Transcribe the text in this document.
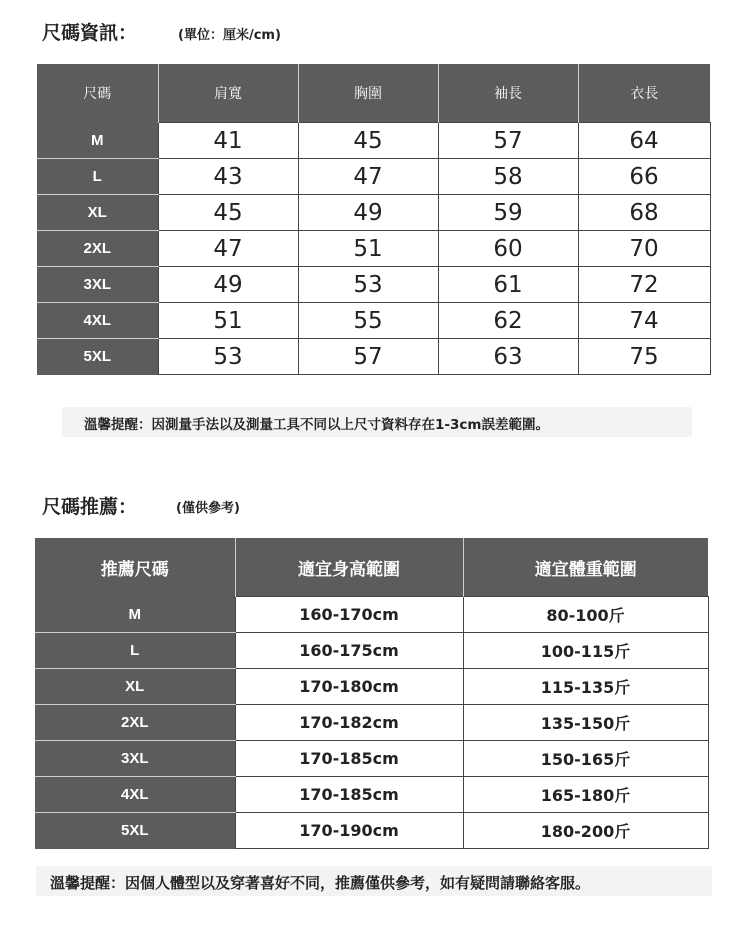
尺碼資訊：	(單位：厘米/cm)
尺碼	肩寬	胸圍	袖長	衣長
M	41	45	57	64
L	43	47	58	66
XL	45	49	59	68
2XL	47	51	60	70
3XL	49	53	61	72
4XL	51	55	62	74
5XL	53	57	63	75
溫馨提醒：因測量手法以及測量工具不同以上尺寸資料存在1-3cm誤差範圍。
尺碼推薦：	(僅供參考)
推薦尺碼	適宜身高範圍	適宜體重範圍
M	160-170cm	80-100斤
L	160-175cm	100-115斤
XL	170-180cm	115-135斤
2XL	170-182cm	135-150斤
3XL	170-185cm	150-165斤
4XL	170-185cm	165-180斤
5XL	170-190cm	180-200斤
溫馨提醒：因個人體型以及穿著喜好不同，推薦僅供參考，如有疑問請聯絡客服。
